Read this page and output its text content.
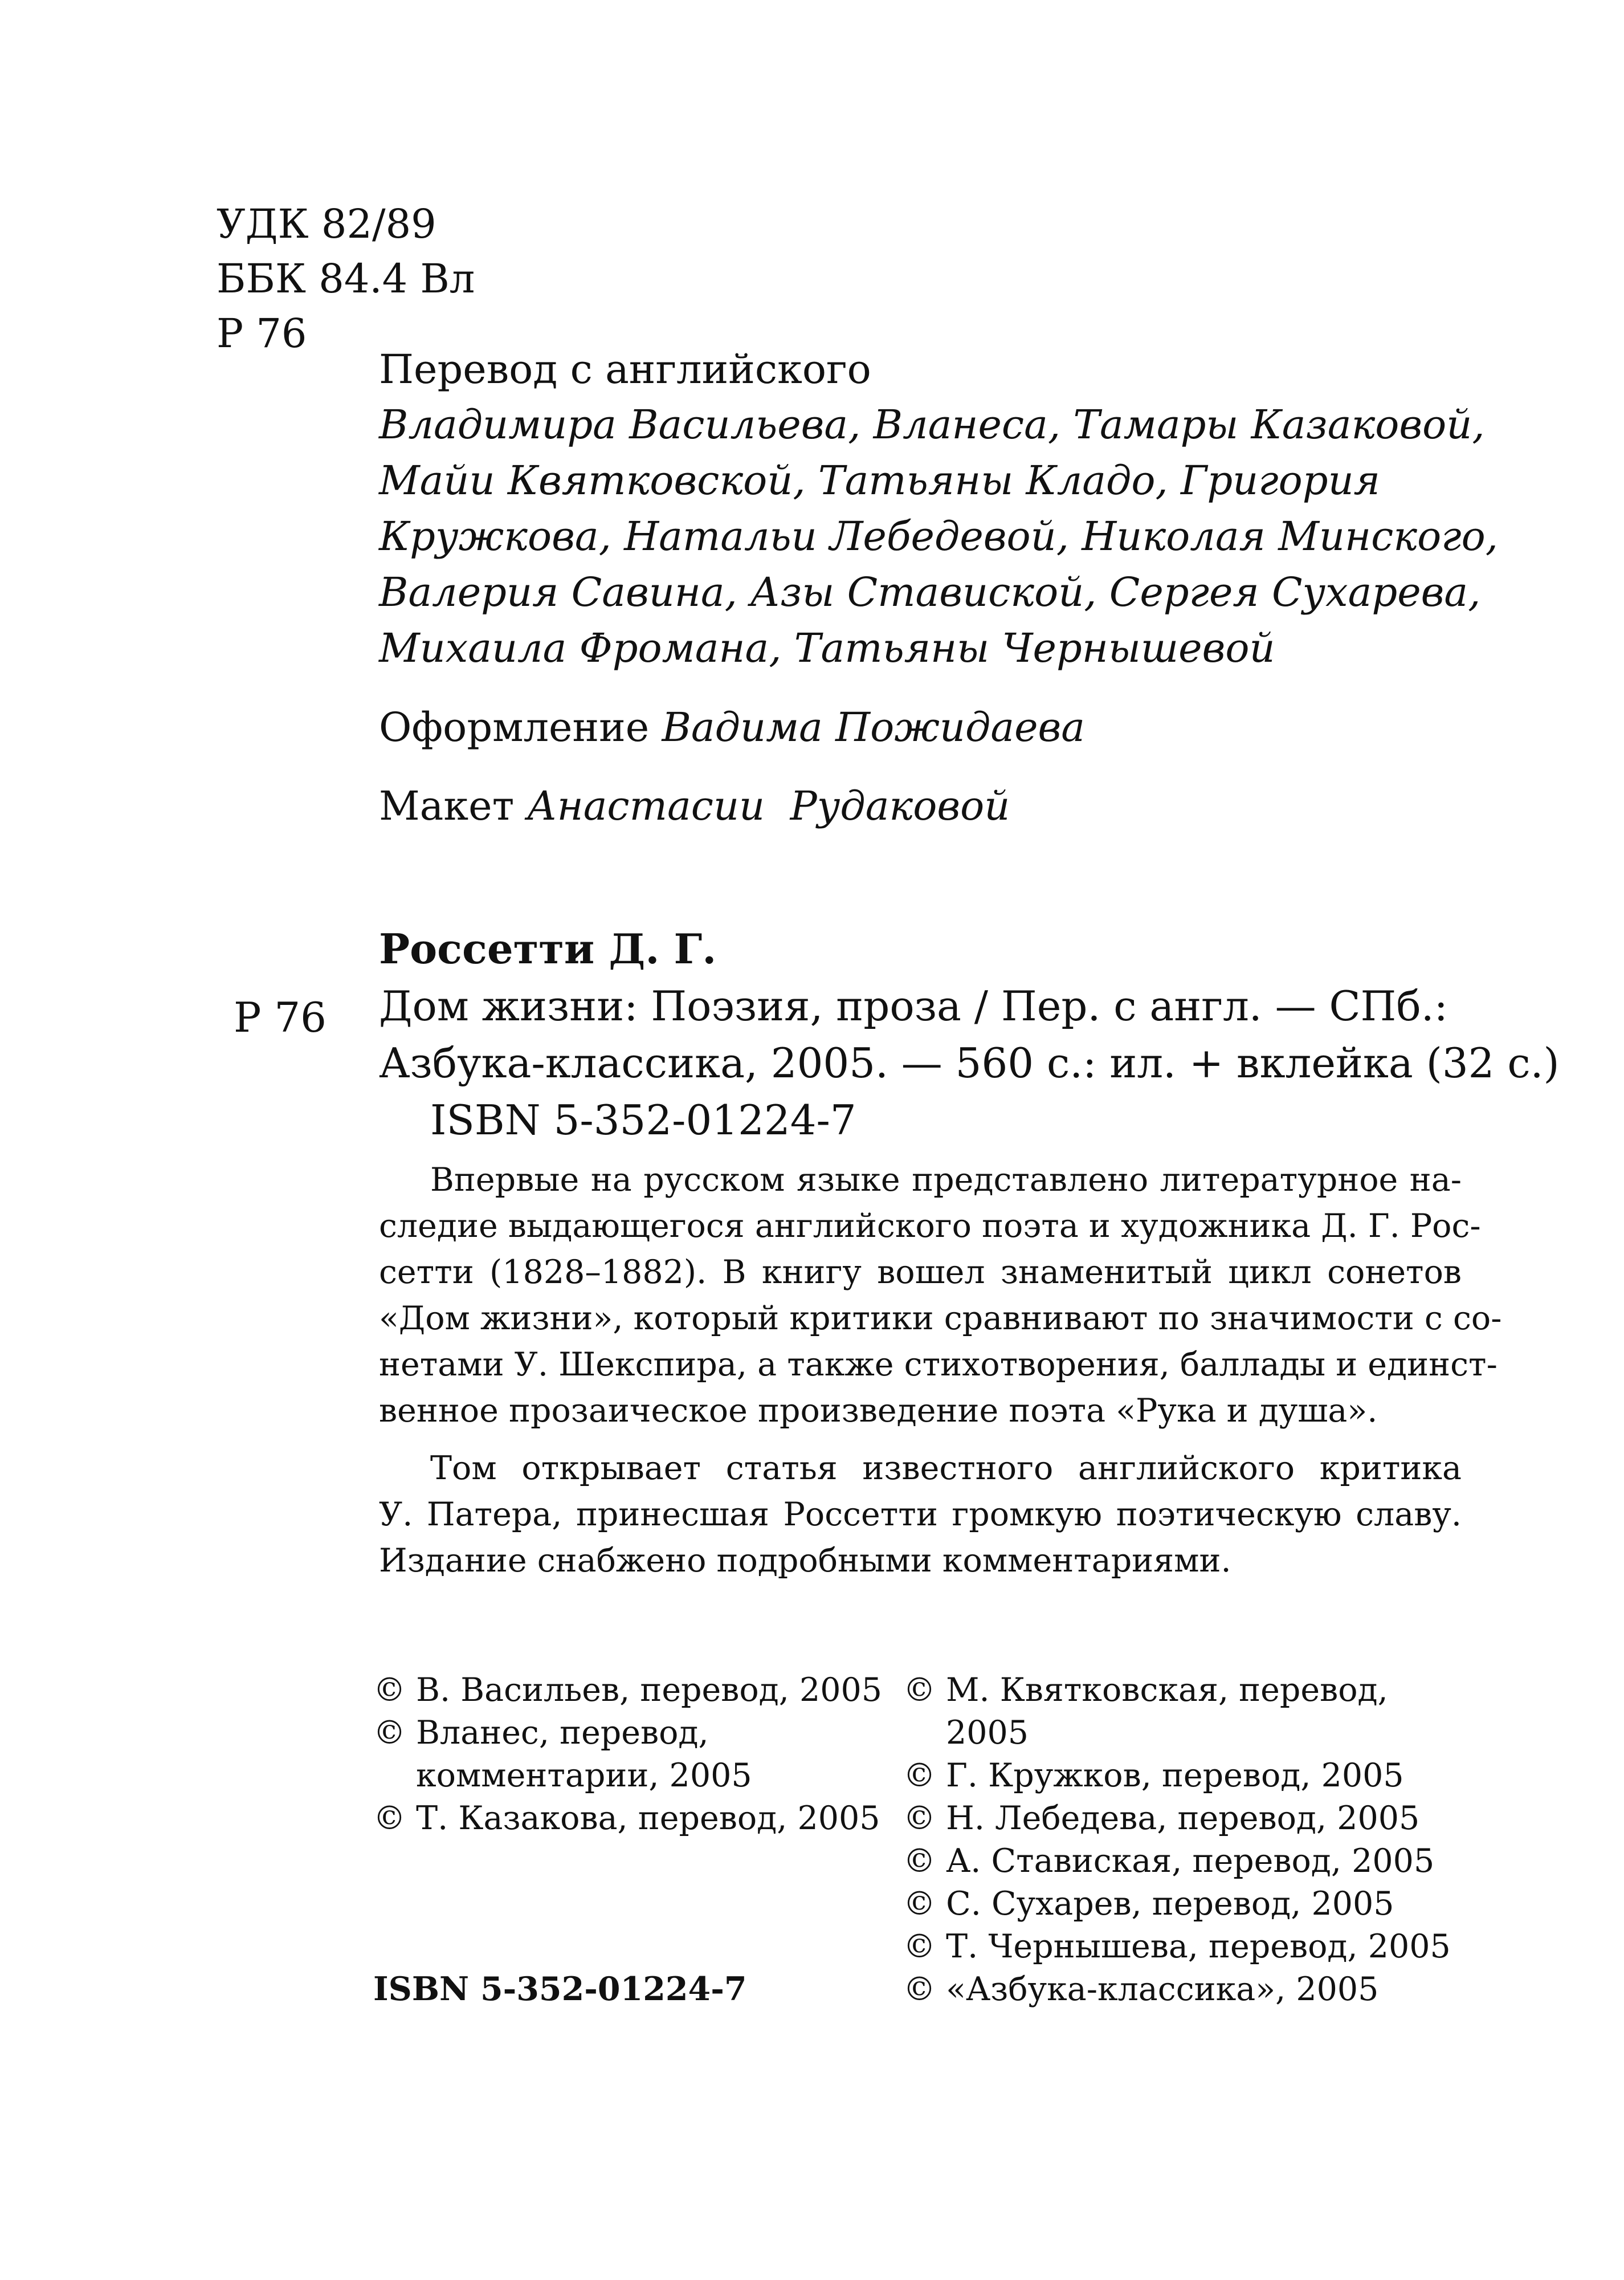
УДК 82/89
ББК 84.4 Вл
Р 76
Перевод с английского
Владимира Васильева, Вланеса, Тамары Казаковой,
Майи Квятковской, Татьяны Кладо, Григория
Кружкова, Натальи Лебедевой, Николая Минского,
Валерия Савина, Азы Ставиской, Сергея Сухарева,
Михаила Фромана, Татьяны Чернышевой
Оформление Вадима Пожидаева
Макет Анастасии  Рудаковой
Р 76
Россетти Д. Г.
Дом жизни: Поэзия, проза / Пер. с англ. — СПб.:
Азбука-классика, 2005. — 560 с.: ил. + вклейка (32 с.)
ISBN 5-352-01224-7
Впервые на русском языке представлено литературное на-
следие выдающегося английского поэта и художника Д. Г. Рос-
сетти (1828–1882). В книгу вошел знаменитый цикл сонетов
«Дом жизни», который критики сравнивают по значимости с со-
нетами У. Шекспира, а также стихотворения, баллады и единст-
венное прозаическое произведение поэта «Рука и душа».
Том открывает статья известного английского критика
У. Патера, принесшая Россетти громкую поэтическую славу.
Издание снабжено подробными комментариями.
© В. Васильев, перевод, 2005
© Вланес, перевод,
комментарии, 2005
© Т. Казакова, перевод, 2005
© М. Квятковская, перевод,
2005
© Г. Кружков, перевод, 2005
© Н. Лебедева, перевод, 2005
© А. Ставиская, перевод, 2005
© С. Сухарев, перевод, 2005
© Т. Чернышева, перевод, 2005
© «Азбука-классика», 2005
ISBN 5-352-01224-7
